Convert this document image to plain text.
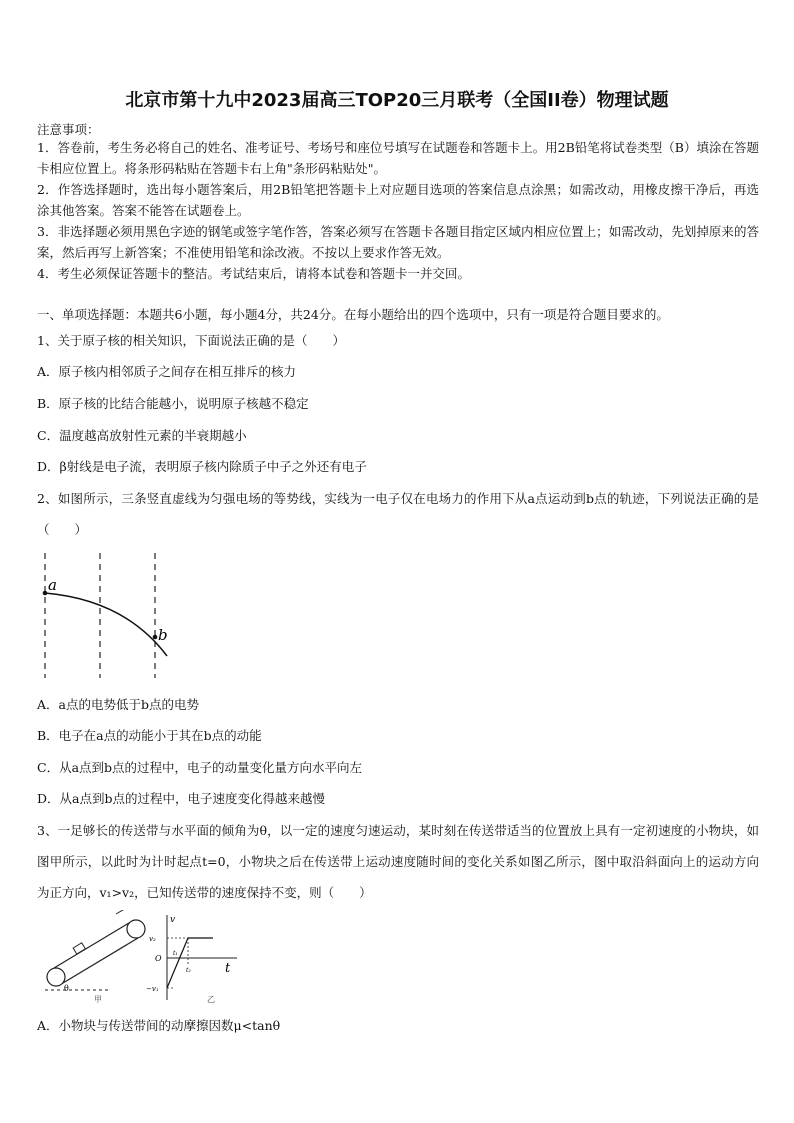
北京市第十九中2023届高三TOP20三月联考（全国II卷）物理试题
注意事项：
1．答卷前，考生务必将自己的姓名、准考证号、考场号和座位号填写在试题卷和答题卡上。用2B铅笔将试卷类型（B）填涂在答题卡相应位置上。将条形码粘贴在答题卡右上角"条形码粘贴处"。
2．作答选择题时，选出每小题答案后，用2B铅笔把答题卡上对应题目选项的答案信息点涂黑；如需改动，用橡皮擦干净后，再选涂其他答案。答案不能答在试题卷上。
3．非选择题必须用黑色字迹的钢笔或签字笔作答，答案必须写在答题卡各题目指定区域内相应位置上；如需改动，先划掉原来的答案，然后再写上新答案；不准使用铅笔和涂改液。不按以上要求作答无效。
4．考生必须保证答题卡的整洁。考试结束后，请将本试卷和答题卡一并交回。
一、单项选择题：本题共6小题，每小题4分，共24分。在每小题给出的四个选项中，只有一项是符合题目要求的。
1、关于原子核的相关知识，下面说法正确的是（　　）
A．原子核内相邻质子之间存在相互排斥的核力
B．原子核的比结合能越小，说明原子核越不稳定
C．温度越高放射性元素的半衰期越小
D．β射线是电子流，表明原子核内除质子中子之外还有电子
2、如图所示，三条竖直虚线为匀强电场的等势线，实线为一电子仅在电场力的作用下从a点运动到b点的轨迹，下列说法正确的是（　　）
a
b
A．a点的电势低于b点的电势
B．电子在a点的动能小于其在b点的动能
C．从a点到b点的过程中，电子的动量变化量方向水平向左
D．从a点到b点的过程中，电子速度变化得越来越慢
3、一足够长的传送带与水平面的倾角为θ，以一定的速度匀速运动，某时刻在传送带适当的位置放上具有一定初速度的小物块，如图甲所示，以此时为计时起点t=0，小物块之后在传送带上运动速度随时间的变化关系如图乙所示，图中取沿斜面向上的运动方向为正方向，v₁>v₂，已知传送带的速度保持不变，则（　　）
θ
甲
v
v₂
O
−v₁
t₁
t₂	t
乙
A．小物块与传送带间的动摩擦因数μ<tanθ
